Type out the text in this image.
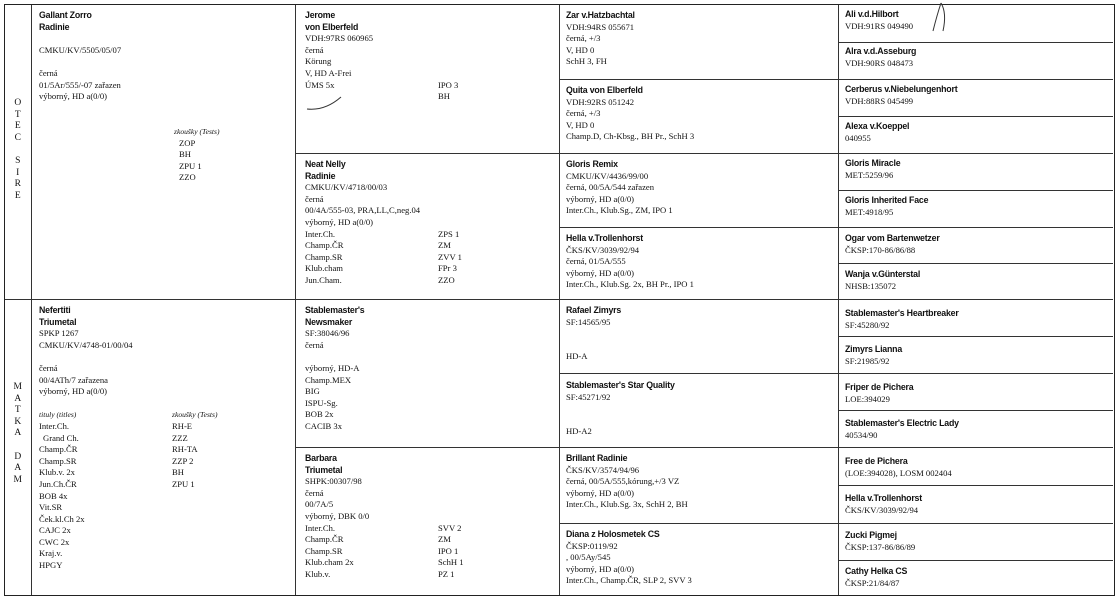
O
T
E
C

S
I
R
E
M
A
T
K
A

D
A
M
Gallant Zorro
Radinie
CMKU/KV/5505/05/07
černá
01/5Ar/555/-07 zařazen
výborný, HD a(0/0)
zkoušky (Tests)
ZOP
BH
ZPU 1
ZZO
Jerome
von Elberfeld
VDH:97RS 060965
černá
Körung
V, HD A-Frei
ÚMS 5x	IPO 3
BH
Neat Nelly
Radinie
CMKU/KV/4718/00/03
černá
00/4A/555-03, PRA,LL,C,neg.04
výborný, HD a(0/0)
Inter.Ch.
Champ.ČR
Champ.SR
Klub.cham
Jun.Cham.
ZPS 1
ZM
ZVV 1
FPr 3
ZZO
Nefertiti
Triumetal
SPKP 1267
CMKU/KV/4748-01/00/04
černá
00/4ATh/7 zařazena
výborný, HD a(0/0)
tituly (titles)	zkoušky (Tests)
Inter.Ch.
Grand Ch.
Champ.ČR
Champ.SR
Klub.v. 2x
Jun.Ch.ČR
BOB 4x
Vit.SR
Ček.kl.Ch 2x
CAJC 2x
CWC 2x
Kraj.v.
HPGY
RH-E
ZZZ
RH-TA
ZZP 2
BH
ZPU 1
Stablemaster's
Newsmaker
SF:38046/96
černá
výborný, HD-A
Champ.MEX
BIG
ISPU-Sg.
BOB 2x
CACIB 3x
Barbara
Triumetal
SHPK:00307/98
černá
00/7A/5
výborný, DBK 0/0
Inter.Ch.
Champ.ČR
Champ.SR
Klub.cham 2x
Klub.v.
SVV 2
ZM
IPO 1
SchH 1
PZ 1
Zar v.Hatzbachtal
VDH:94RS 055671
černá, +/3
V, HD 0
SchH 3, FH
Quita von Elberfeld
VDH:92RS 051242
černá, +/3
V, HD 0
Champ.D, Ch-Kbsg., BH Pr., SchH 3
Gloris Remix
CMKU/KV/4436/99/00
černá, 00/5A/544 zařazen
výborný, HD a(0/0)
Inter.Ch., Klub.Sg., ZM, IPO 1
Hella v.Trollenhorst
ČKS/KV/3039/92/94
černá, 01/5A/555
výborný, HD a(0/0)
Inter.Ch., Klub.Sg. 2x, BH Pr., IPO 1
Rafael Zimyrs
SF:14565/95
HD-A
Stablemaster's Star Quality
SF:45271/92
HD-A2
Brillant Radinie
ČKS/KV/3574/94/96
černá, 00/5A/555,kórung,+/3 VZ
výborný, HD a(0/0)
Inter.Ch., Klub.Sg. 3x, SchH 2, BH
Diana z Holosmetek CS
ČKSP:0119/92
, 00/5Ay/545
výborný, HD a(0/0)
Inter.Ch., Champ.ČR, SLP 2, SVV 3
Ali v.d.Hilbort
VDH:91RS 049490
Alra v.d.Asseburg
VDH:90RS 048473
Cerberus v.Niebelungenhort
VDH:88RS 045499
Alexa v.Koeppel
040955
Gloris Miracle
MET:5259/96
Gloris Inherited Face
MET:4918/95
Ogar vom Bartenwetzer
ČKSP:170-86/86/88
Wanja v.Günterstal
NHSB:135072
Stablemaster's Heartbreaker
SF:45280/92
Zimyrs Lianna
SF:21985/92
Friper de Pichera
LOE:394029
Stablemaster's Electric Lady
40534/90
Free de Pichera
(LOE:394028), LOSM 002404
Hella v.Trollenhorst
ČKS/KV/3039/92/94
Zucki Pigmej
ČKSP:137-86/86/89
Cathy Helka CS
ČKSP:21/84/87
